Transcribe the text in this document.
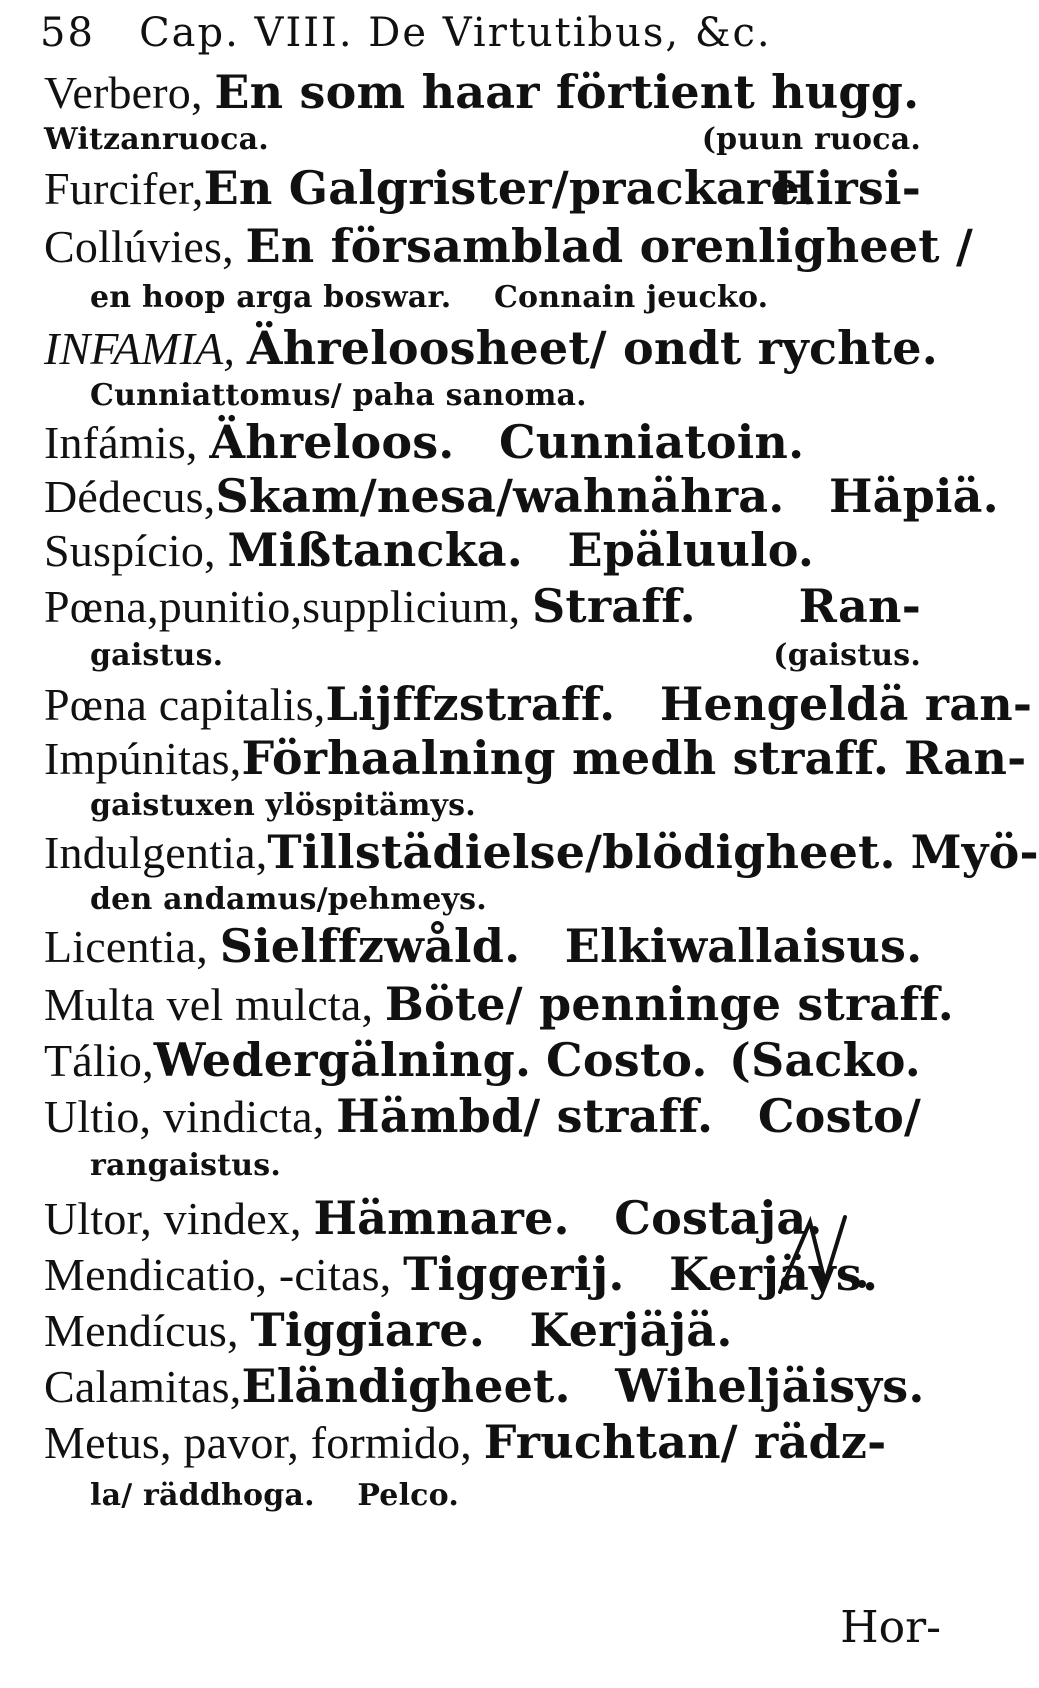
58 Cap. VIII. De Virtutibus, &c.
Verbero, En som haar förtient hugg.
Witzanruoca.	(puun ruoca.
Furcifer,En Galgrister/prackare.
Hirsi-
Collúvies, En församblad orenligheet /
en hoop arga boswar. Connain jeucko.
INFAMIA, Ähreloosheet/ ondt rychte.
Cunniattomus/ paha sanoma.
Infámis, Ähreloos. Cunniatoin.
Dédecus,Skam/nesa/wahnähra. Häpiä.
Suspício, Mißtancka. Epäluulo.
Pœna,punitio,supplicium, Straff. Ran-
gaistus.	(gaistus.
Pœna capitalis,Lijffzstraff. Hengeldä ran-
Impúnitas,Förhaalning medh straff. Ran-
gaistuxen ylöspitämys.
Indulgentia,Tillstädielse/blödigheet. Myö-
den andamus/pehmeys.
Licentia, Sielffzwåld. Elkiwallaisus.
Multa vel mulcta, Böte/ penninge straff.
Tálio,Wedergälning. Costo. (Sacko.
Ultio, vindicta, Hämbd/ straff. Costo/
rangaistus.
Ultor, vindex, Hämnare. Costaja.
Mendicatio, -citas, Tiggerij. Kerjäys.
Mendícus, Tiggiare. Kerjäjä.
Calamitas,Eländigheet. Wiheljäisys.
Metus, pavor, formido, Fruchtan/ rädz-
la/ räddhoga. Pelco.
Hor-
